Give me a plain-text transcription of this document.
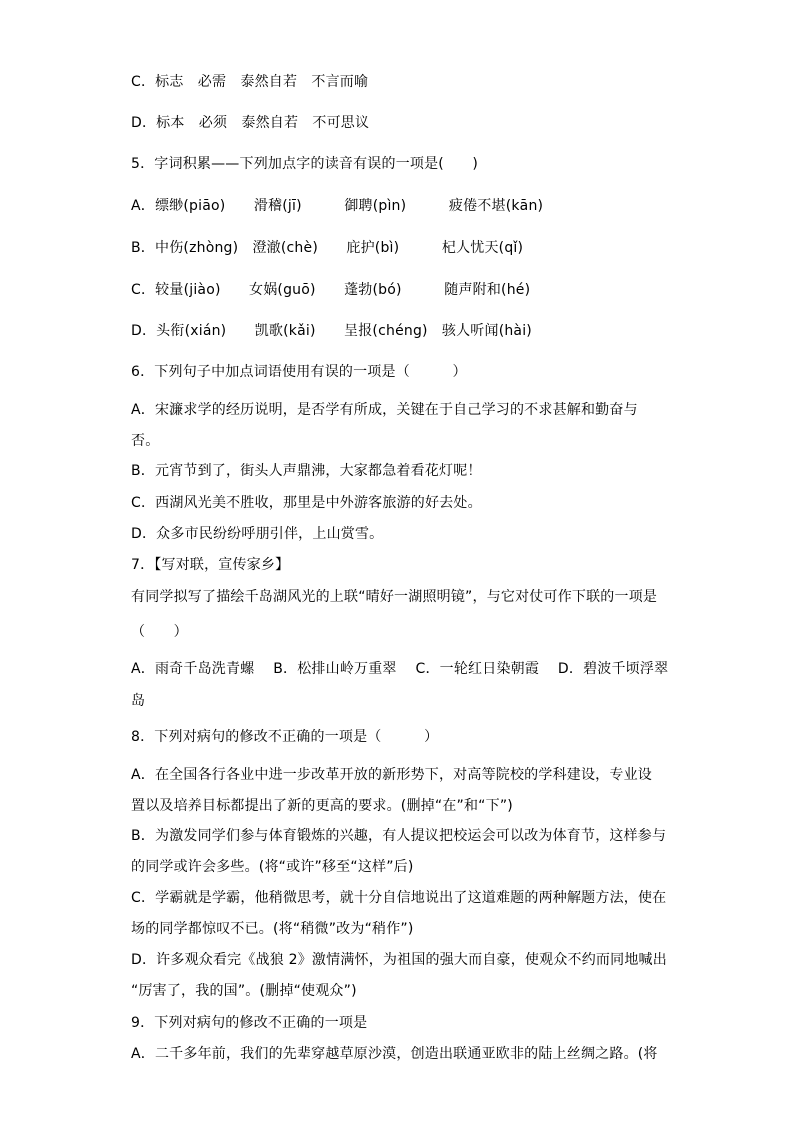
C．标志　必需　泰然自若　不言而喻
D．标本　必须　泰然自若　不可思议
5．字词积累——下列加点字的读音有误的一项是(　　)
A．缥缈(piāo)　　滑稽(jī)　　　御聘(pìn)　　　疲倦不堪(kān)
B．中伤(zhòng)　澄澈(chè)　　庇护(bì)　　　杞人忧天(qǐ)
C．较量(jiào)　　女娲(guō)　　蓬勃(bó)　　　随声附和(hé)
D．头衔(xián)　　凯歌(kǎi)　　呈报(chéng)　骇人听闻(hài)
6．下列句子中加点词语使用有误的一项是（　　　）
A．宋濂求学的经历说明，是否学有所成，关键在于自己学习的不求甚解和勤奋与
否。
B．元宵节到了，街头人声鼎沸，大家都急着看花灯呢！
C．西湖风光美不胜收，那里是中外游客旅游的好去处。
D．众多市民纷纷呼朋引伴，上山赏雪。
7．【写对联，宣传家乡】
有同学拟写了描绘千岛湖风光的上联“晴好一湖照明镜”，与它对仗可作下联的一项是
（　　）
A．雨奇千岛洗青螺　 B．松排山岭万重翠　 C．一轮红日染朝霞　 D．碧波千顷浮翠
岛
8．下列对病句的修改不正确的一项是（　　　）
A．在全国各行各业中进一步改革开放的新形势下，对高等院校的学科建设，专业设
置以及培养目标都提出了新的更高的要求。(删掉“在”和“下”)
B．为激发同学们参与体育锻炼的兴趣，有人提议把校运会可以改为体育节，这样参与
的同学或许会多些。(将“或许”移至“这样”后)
C．学霸就是学霸，他稍微思考，就十分自信地说出了这道难题的两种解题方法，使在
场的同学都惊叹不已。(将“稍微”改为“稍作”)
D．许多观众看完《战狼 2》激情满怀，为祖国的强大而自豪，使观众不约而同地喊出
“厉害了，我的国”。(删掉“使观众”)
9．下列对病句的修改不正确的一项是
A．二千多年前，我们的先辈穿越草原沙漠，创造出联通亚欧非的陆上丝绸之路。(将
